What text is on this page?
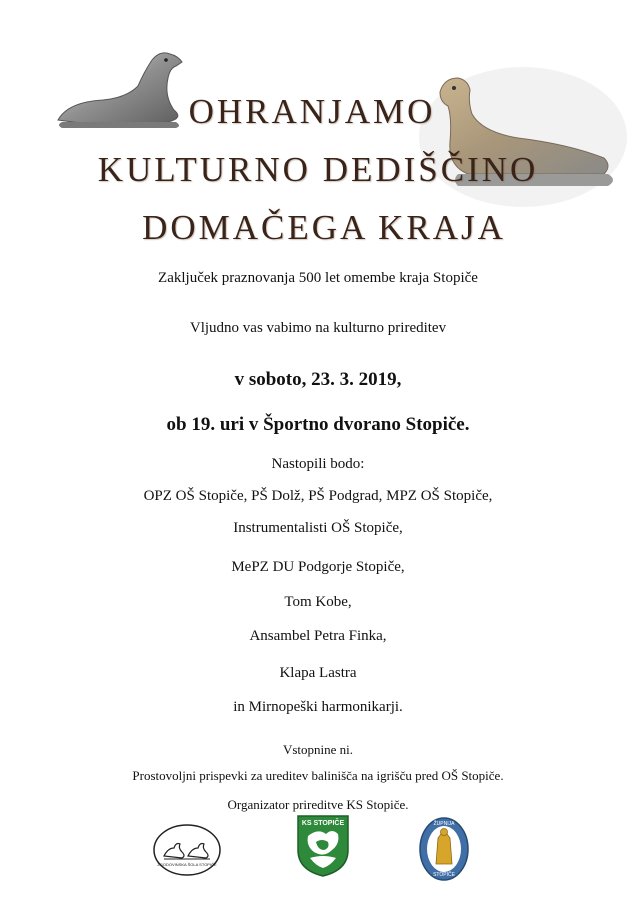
OHRANJAMO
KULTURNO DEDIŠČINO
DOMAČEGA KRAJA
Zaključek praznovanja 500 let omembe kraja Stopiče
Vljudno vas vabimo na kulturno prireditev
v soboto, 23. 3. 2019,
ob 19. uri v Športno dvorano Stopiče.
Nastopili bodo:
OPZ OŠ Stopiče, PŠ Dolž, PŠ Podgrad, MPZ OŠ Stopiče,
Instrumentalisti OŠ Stopiče,
MePZ DU Podgorje Stopiče,
Tom Kobe,
Ansambel Petra Finka,
Klapa Lastra
in Mirnopeški harmonikarji.
Vstopnine ni.
Prostovoljni prispevki za ureditev balinišča na igrišču pred OŠ Stopiče.
Organizator prireditve KS Stopiče.
ZGODOVINSKA ŠOLA STOPIČE
KS STOPIČE	ŽUPNIJA
STOPIČE
